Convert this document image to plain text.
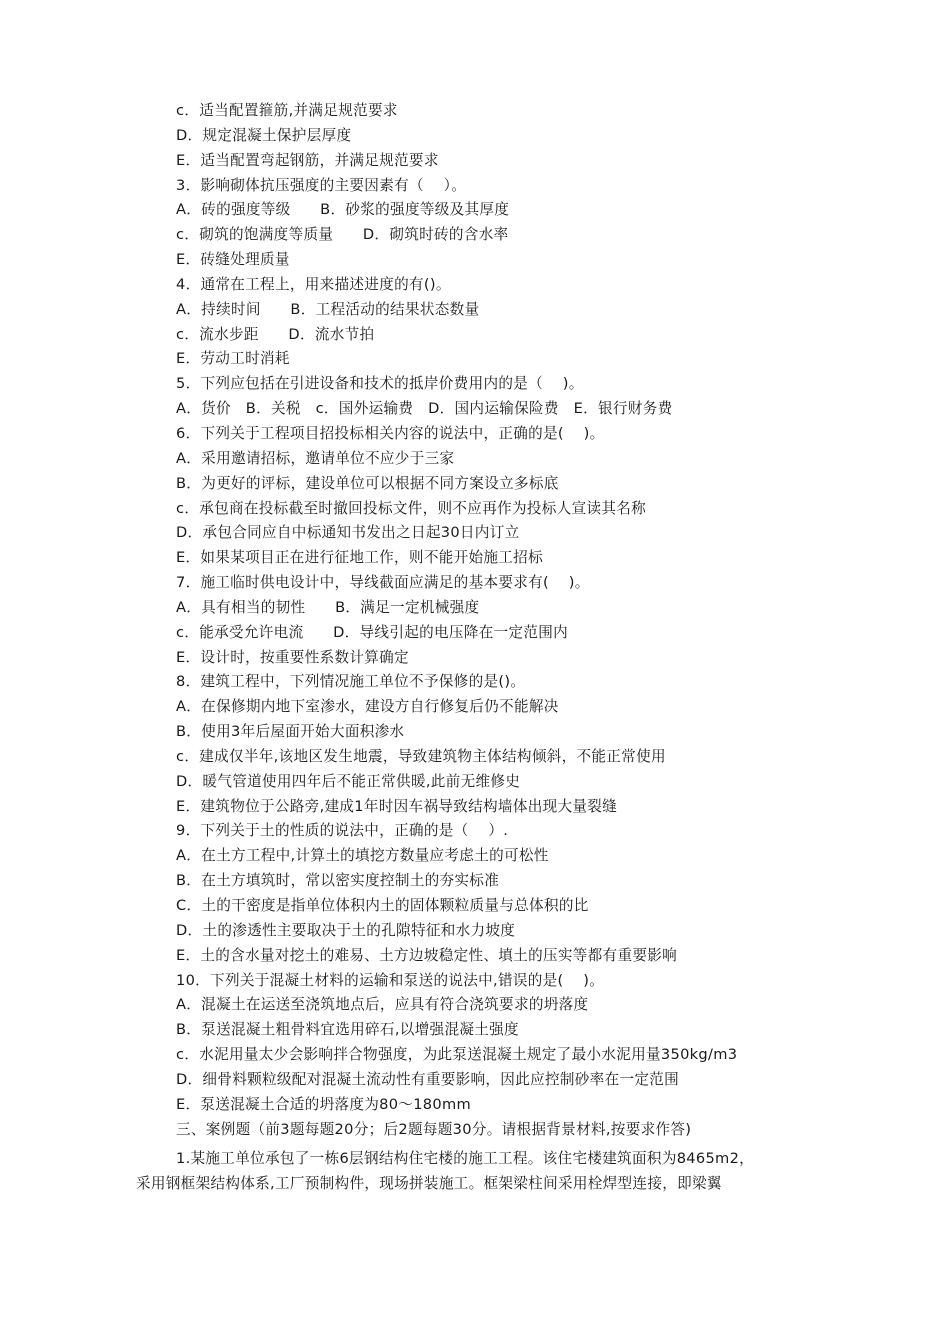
c．适当配置箍筋,并满足规范要求
D．规定混凝土保护层厚度
E．适当配置弯起钢筋，并满足规范要求
3．影响砌体抗压强度的主要因素有（    ）。
A．砖的强度等级      B．砂浆的强度等级及其厚度
c．砌筑的饱满度等质量      D．砌筑时砖的含水率
E．砖缝处理质量
4．通常在工程上，用来描述进度的有()。
A．持续时间      B．工程活动的结果状态数量
c．流水步距      D．流水节拍
E．劳动工时消耗
5．下列应包括在引进设备和技术的抵岸价费用内的是（    )。
A．货价   B．关税   c．国外运输费   D．国内运输保险费   E．银行财务费
6．下列关于工程项目招投标相关内容的说法中，正确的是(    )。
A．采用邀请招标，邀请单位不应少于三家
B．为更好的评标，建设单位可以根据不同方案设立多标底
c．承包商在投标截至时撤回投标文件，则不应再作为投标人宣读其名称
D．承包合同应自中标通知书发出之日起30日内订立
E．如果某项目正在进行征地工作，则不能开始施工招标
7．施工临时供电设计中，导线截面应满足的基本要求有(    )。
A．具有相当的韧性      B．满足一定机械强度
c．能承受允许电流      D．导线引起的电压降在一定范围内
E．设计时，按重要性系数计算确定
8．建筑工程中，下列情况施工单位不予保修的是()。
A．在保修期内地下室渗水，建设方自行修复后仍不能解决
B．使用3年后屋面开始大面积渗水
c．建成仅半年,该地区发生地震，导致建筑物主体结构倾斜，不能正常使用
D．暖气管道使用四年后不能正常供暖,此前无维修史
E．建筑物位于公路旁,建成1年时因车祸导致结构墙体出现大量裂缝
9．下列关于土的性质的说法中，正确的是（    ）.
A．在土方工程中,计算土的填挖方数量应考虑土的可松性
B．在土方填筑时，常以密实度控制土的夯实标准
C．土的干密度是指单位体积内土的固体颗粒质量与总体积的比
D．土的渗透性主要取决于土的孔隙特征和水力坡度
E．土的含水量对挖土的难易、土方边坡稳定性、填土的压实等都有重要影响
10．下列关于混凝土材料的运输和泵送的说法中,错误的是(    )。
A．混凝土在运送至浇筑地点后，应具有符合浇筑要求的坍落度
B．泵送混凝土粗骨料宜选用碎石,以增强混凝土强度
c．水泥用量太少会影响拌合物强度，为此泵送混凝土规定了最小水泥用量350kg/m3
D．细骨料颗粒级配对混凝土流动性有重要影响，因此应控制砂率在一定范围
E．泵送混凝土合适的坍落度为80～180mm
三、案例题（前3题每题20分；后2题每题30分。请根据背景材料,按要求作答)
1.某施工单位承包了一栋6层钢结构住宅楼的施工工程。该住宅楼建筑面积为8465m2，
采用钢框架结构体系,工厂预制构件，现场拼装施工。框架梁柱间采用栓焊型连接，即梁翼
